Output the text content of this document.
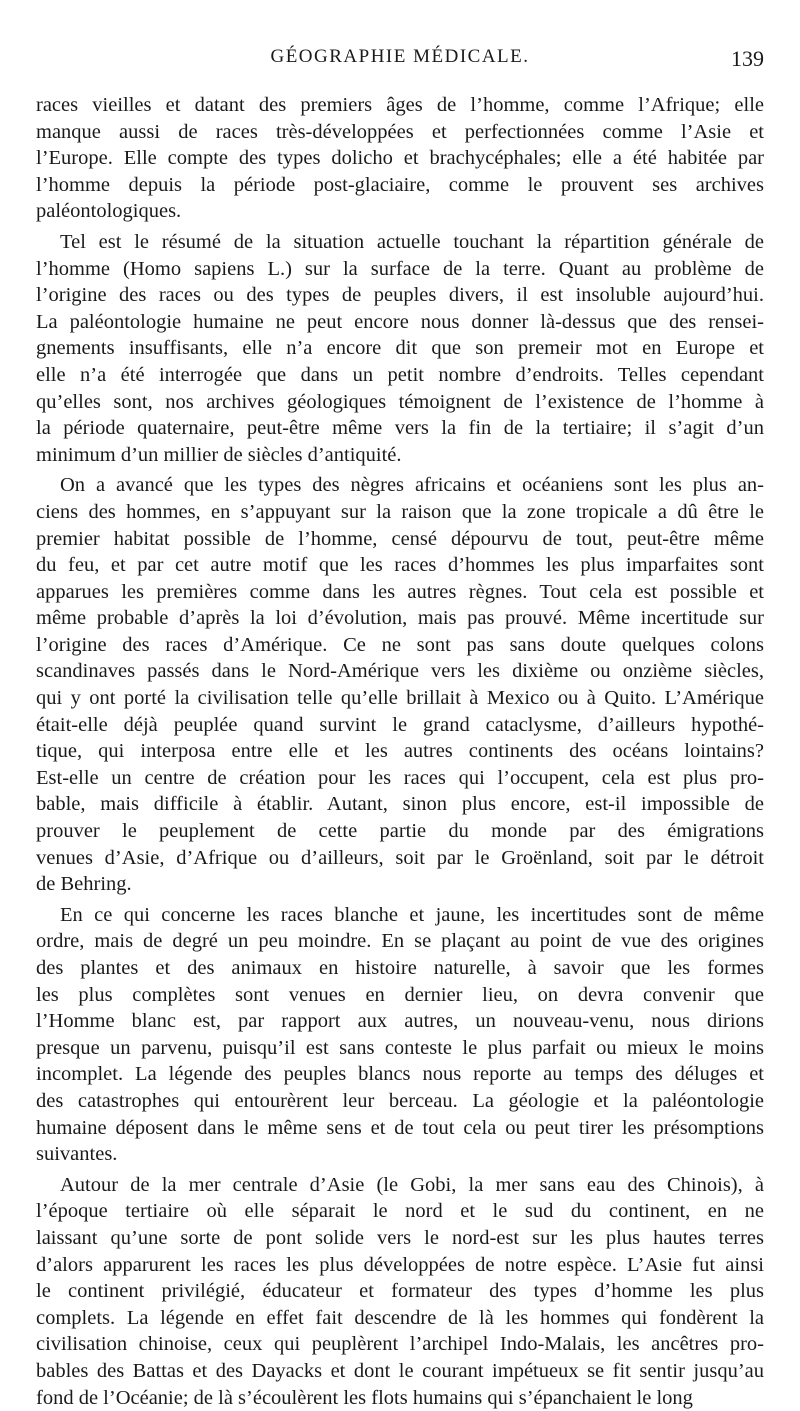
GÉOGRAPHIE MÉDICALE.	139
races vieilles et datant des premiers âges de l’homme, comme l’Afrique; elle
manque aussi de races très-développées et perfectionnées comme l’Asie et
l’Europe. Elle compte des types dolicho et brachycéphales; elle a été habitée par
l’homme depuis la période post-glaciaire, comme le prouvent ses archives
paléontologiques.
Tel est le résumé de la situation actuelle touchant la répartition générale de
l’homme (Homo sapiens L.) sur la surface de la terre. Quant au problème de
l’origine des races ou des types de peuples divers, il est insoluble aujourd’hui.
La paléontologie humaine ne peut encore nous donner là-dessus que des rensei-
gnements insuffisants, elle n’a encore dit que son premeir mot en Europe et
elle n’a été interrogée que dans un petit nombre d’endroits. Telles cependant
qu’elles sont, nos archives géologiques témoignent de l’existence de l’homme à
la période quaternaire, peut-être même vers la fin de la tertiaire; il s’agit d’un
minimum d’un millier de siècles d’antiquité.
On a avancé que les types des nègres africains et océaniens sont les plus an-
ciens des hommes, en s’appuyant sur la raison que la zone tropicale a dû être le
premier habitat possible de l’homme, censé dépourvu de tout, peut-être même
du feu, et par cet autre motif que les races d’hommes les plus imparfaites sont
apparues les premières comme dans les autres règnes. Tout cela est possible et
même probable d’après la loi d’évolution, mais pas prouvé. Même incertitude sur
l’origine des races d’Amérique. Ce ne sont pas sans doute quelques colons
scandinaves passés dans le Nord-Amérique vers les dixième ou onzième siècles,
qui y ont porté la civilisation telle qu’elle brillait à Mexico ou à Quito. L’Amérique
était-elle déjà peuplée quand survint le grand cataclysme, d’ailleurs hypothé-
tique, qui interposa entre elle et les autres continents des océans lointains?
Est-elle un centre de création pour les races qui l’occupent, cela est plus pro-
bable, mais difficile à établir. Autant, sinon plus encore, est-il impossible de
prouver le peuplement de cette partie du monde par des émigrations
venues d’Asie, d’Afrique ou d’ailleurs, soit par le Groënland, soit par le détroit
de Behring.
En ce qui concerne les races blanche et jaune, les incertitudes sont de même
ordre, mais de degré un peu moindre. En se plaçant au point de vue des origines
des plantes et des animaux en histoire naturelle, à savoir que les formes
les plus complètes sont venues en dernier lieu, on devra convenir que
l’Homme blanc est, par rapport aux autres, un nouveau-venu, nous dirions
presque un parvenu, puisqu’il est sans conteste le plus parfait ou mieux le moins
incomplet. La légende des peuples blancs nous reporte au temps des déluges et
des catastrophes qui entourèrent leur berceau. La géologie et la paléontologie
humaine déposent dans le même sens et de tout cela ou peut tirer les présomptions
suivantes.
Autour de la mer centrale d’Asie (le Gobi, la mer sans eau des Chinois), à
l’époque tertiaire où elle séparait le nord et le sud du continent, en ne
laissant qu’une sorte de pont solide vers le nord-est sur les plus hautes terres
d’alors apparurent les races les plus développées de notre espèce. L’Asie fut ainsi
le continent privilégié, éducateur et formateur des types d’homme les plus
complets. La légende en effet fait descendre de là les hommes qui fondèrent la
civilisation chinoise, ceux qui peuplèrent l’archipel Indo-Malais, les ancêtres pro-
bables des Battas et des Dayacks et dont le courant impétueux se fit sentir jusqu’au
fond de l’Océanie; de là s’écoulèrent les flots humains qui s’épanchaient le long
